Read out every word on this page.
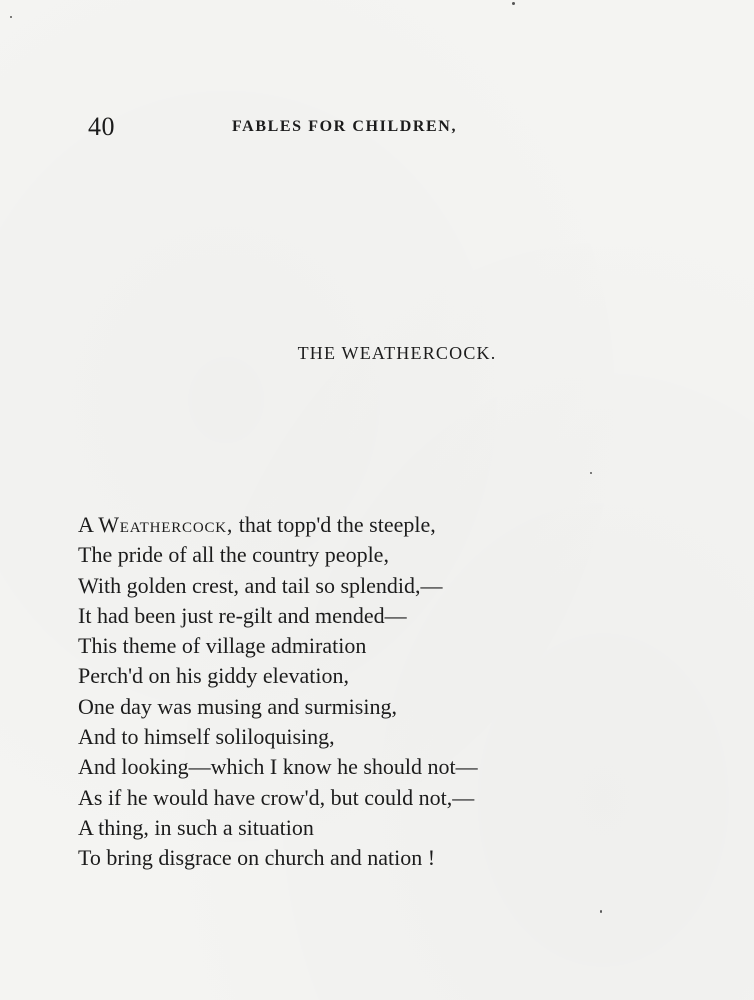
40	FABLES FOR CHILDREN,
THE WEATHERCOCK.
A Weathercock, that topp'd the steeple,
The pride of all the country people,
With golden crest, and tail so splendid,—
It had been just re-gilt and mended—
This theme of village admiration
Perch'd on his giddy elevation,
One day was musing and surmising,
And to himself soliloquising,
And looking—which I know he should not—
As if he would have crow'd, but could not,—
A thing, in such a situation
To bring disgrace on church and nation !
